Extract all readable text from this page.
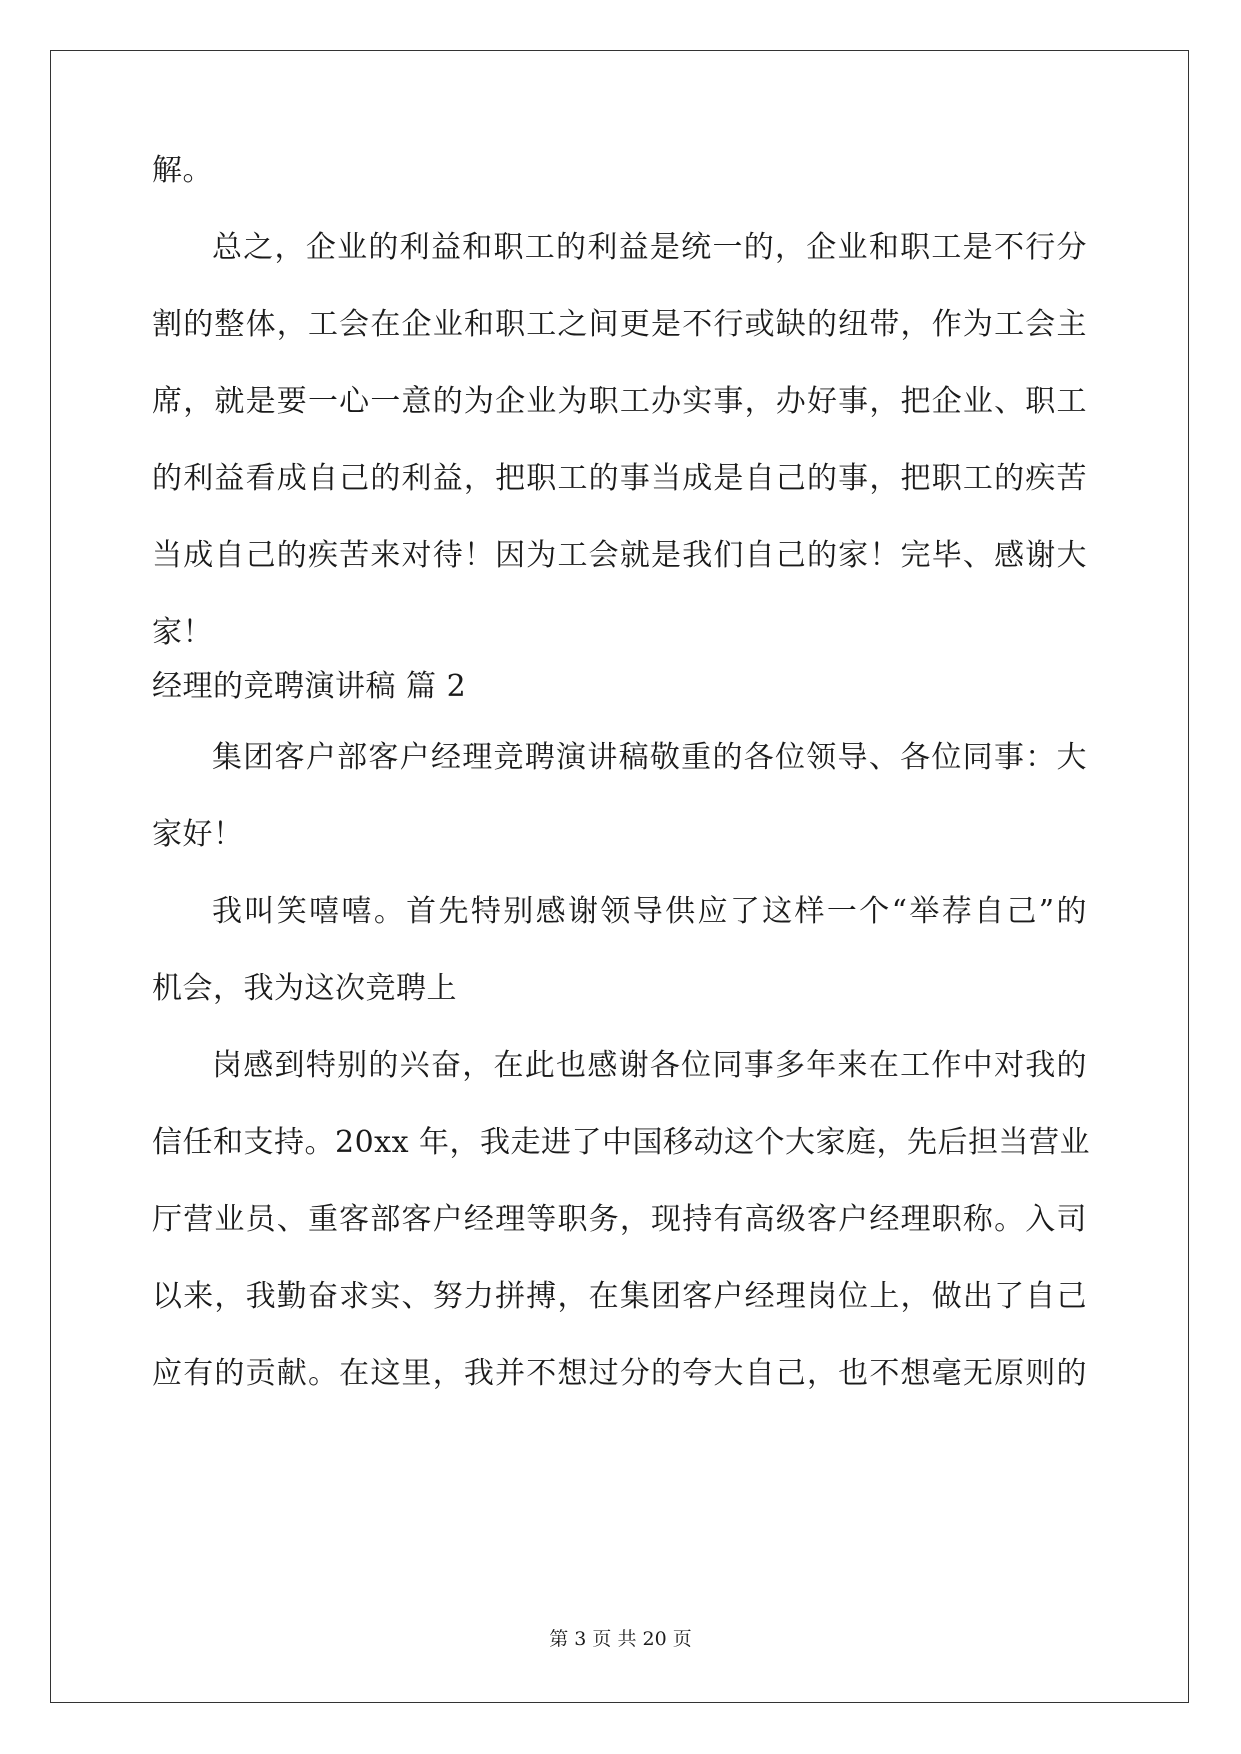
解。
总之，企业的利益和职工的利益是统一的，企业和职工是不行分
割的整体，工会在企业和职工之间更是不行或缺的纽带，作为工会主
席，就是要一心一意的为企业为职工办实事，办好事，把企业、职工
的利益看成自己的利益，把职工的事当成是自己的事，把职工的疾苦
当成自己的疾苦来对待！因为工会就是我们自己的家！完毕、感谢大
家！
经理的竞聘演讲稿 篇 2
集团客户部客户经理竞聘演讲稿敬重的各位领导、各位同事：大
家好！
我叫笑嘻嘻。首先特别感谢领导供应了这样一个“举荐自己”的
机会，我为这次竞聘上
岗感到特别的兴奋，在此也感谢各位同事多年来在工作中对我的
信任和支持。20xx 年，我走进了中国移动这个大家庭，先后担当营业
厅营业员、重客部客户经理等职务，现持有高级客户经理职称。入司
以来，我勤奋求实、努力拼搏，在集团客户经理岗位上，做出了自己
应有的贡献。在这里，我并不想过分的夸大自己，也不想毫无原则的
第 3 页 共 20 页
